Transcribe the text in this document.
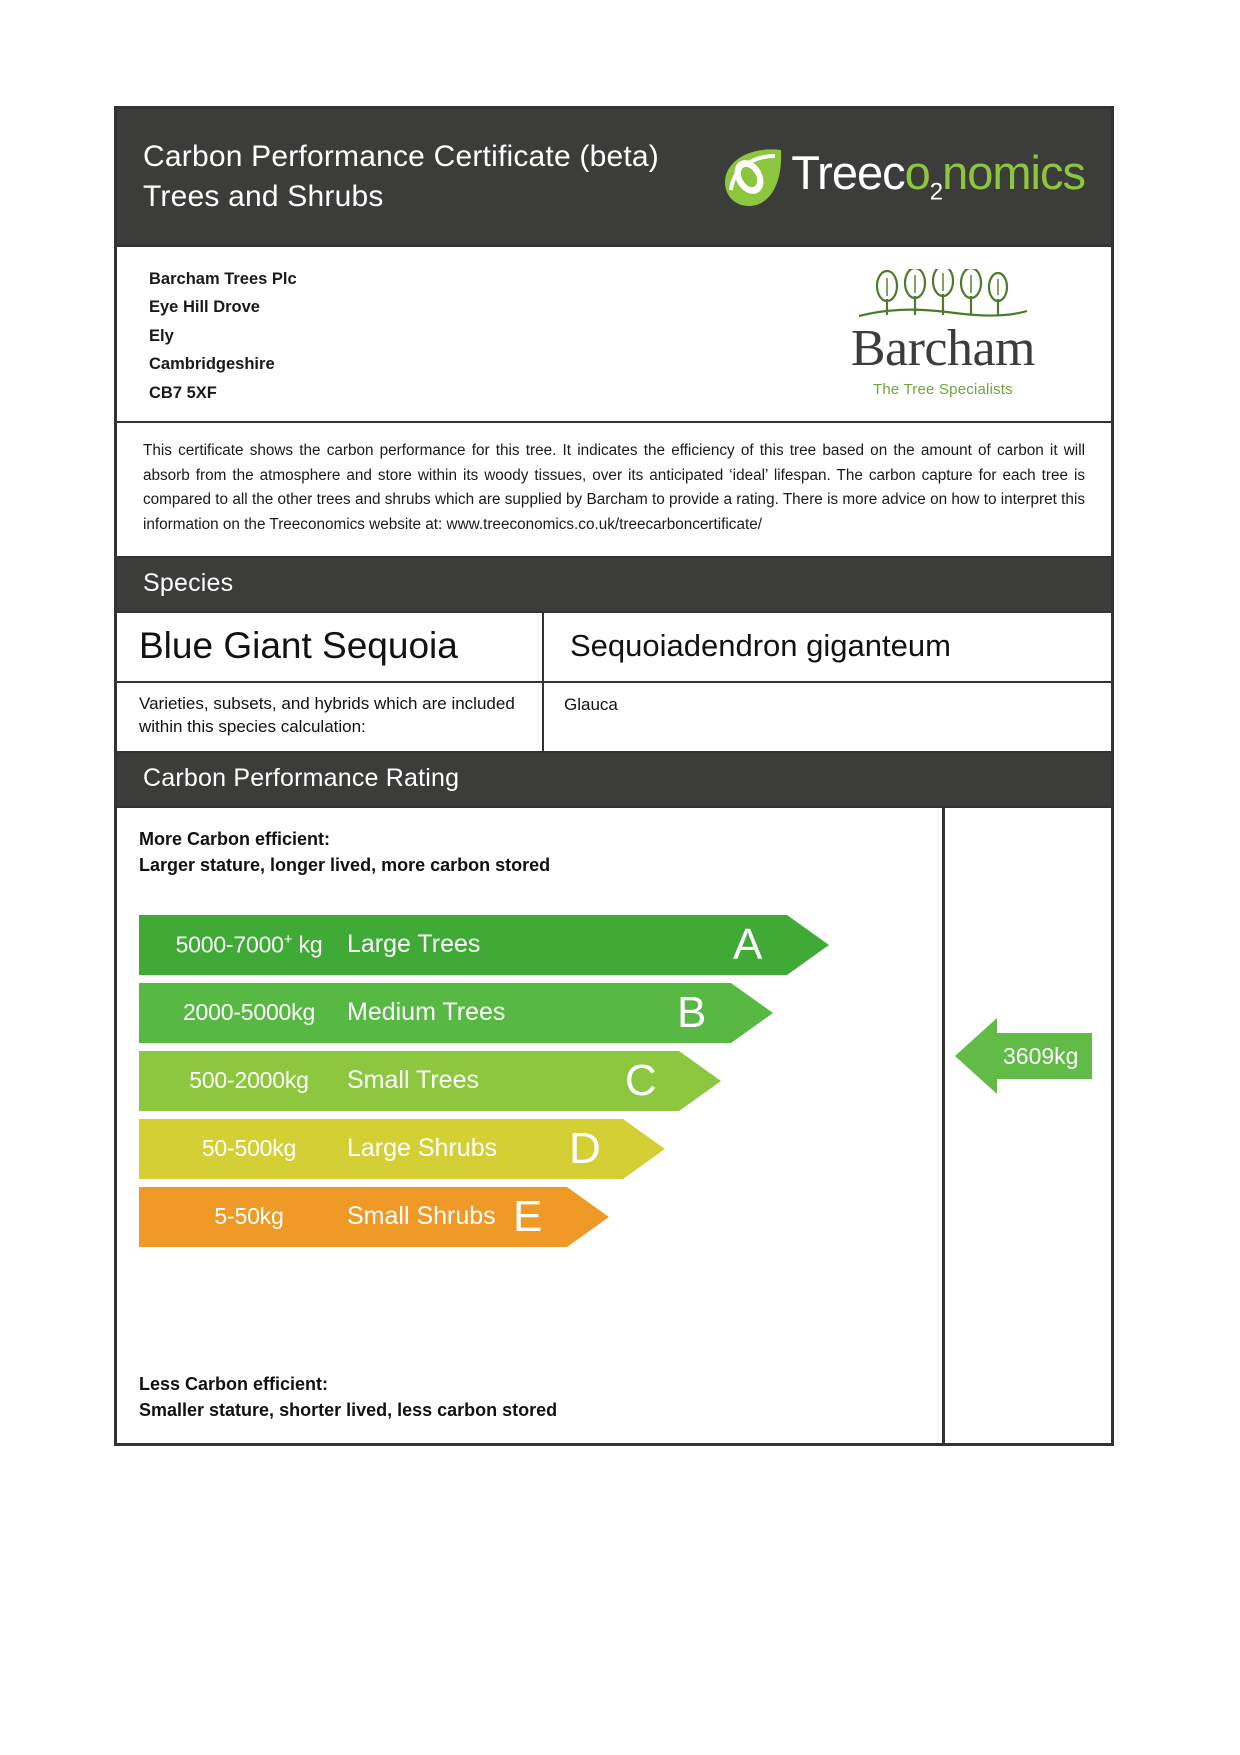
Carbon Performance Certificate (beta)
Trees and Shrubs	Treeco$_2$nomics
Barcham Trees Plc
Eye Hill Drove
Ely
Cambridgeshire
CB7 5XF
Barcham
The Tree Specialists

This certificate shows the carbon performance for this tree. It indicates the efficiency of this tree based on the amount of carbon it will absorb from the atmosphere and store within its woody tissues, over its anticipated ‘ideal’ lifespan. The carbon capture for each tree is compared to all the other trees and shrubs which are supplied by Barcham to provide a rating. There is more advice on how to interpret this information on the Treeconomics website at: www.treeconomics.co.uk/treecarboncertificate/

Species
Blue Giant Sequoia	Sequoiadendron giganteum
Varieties, subsets, and hybrids which are included within this species calculation:
Glauca
Carbon Performance Rating
More Carbon efficient:
Larger stature, longer lived, more carbon stored
5000-7000+ kg Large Trees	A
2000-5000kg	Medium Trees	B
500-2000kg	Small Trees	C
50-500kg	Large Shrubs D
5-50kg	Small Shrubs E
Less Carbon efficient:
Smaller stature, shorter lived, less carbon stored
3609kg
